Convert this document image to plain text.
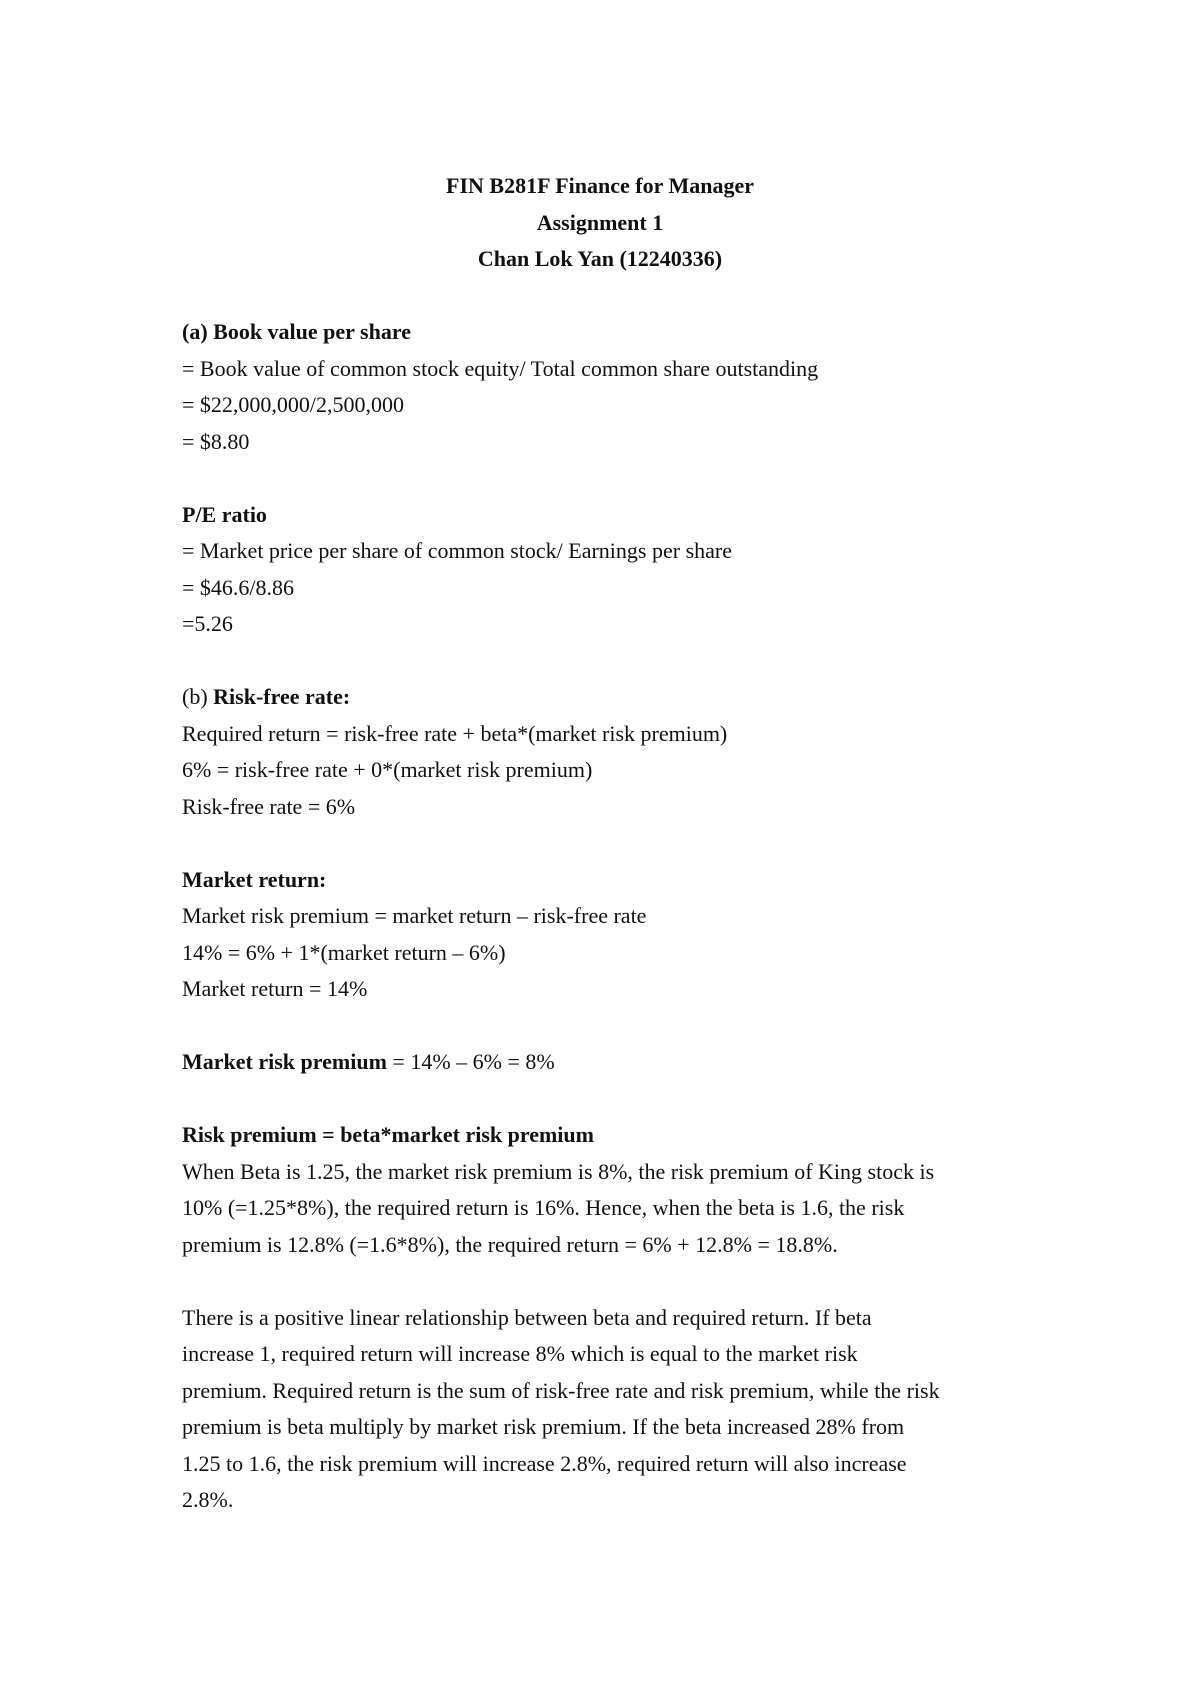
FIN B281F Finance for Manager
Assignment 1
Chan Lok Yan (12240336)
(a) Book value per share
= Book value of common stock equity/ Total common share outstanding
= $22,000,000/2,500,000
= $8.80
P/E ratio
= Market price per share of common stock/ Earnings per share
= $46.6/8.86
=5.26
(b) Risk-free rate:
Required return = risk-free rate + beta*(market risk premium)
6% = risk-free rate + 0*(market risk premium)
Risk-free rate = 6%
Market return:
Market risk premium = market return – risk-free rate
14% = 6% + 1*(market return – 6%)
Market return = 14%
Market risk premium = 14% – 6% = 8%
Risk premium = beta*market risk premium
When Beta is 1.25, the market risk premium is 8%, the risk premium of King stock is
10% (=1.25*8%), the required return is 16%. Hence, when the beta is 1.6, the risk
premium is 12.8% (=1.6*8%), the required return = 6% + 12.8% = 18.8%.
There is a positive linear relationship between beta and required return. If beta
increase 1, required return will increase 8% which is equal to the market risk
premium. Required return is the sum of risk-free rate and risk premium, while the risk
premium is beta multiply by market risk premium. If the beta increased 28% from
1.25 to 1.6, the risk premium will increase 2.8%, required return will also increase
2.8%.
